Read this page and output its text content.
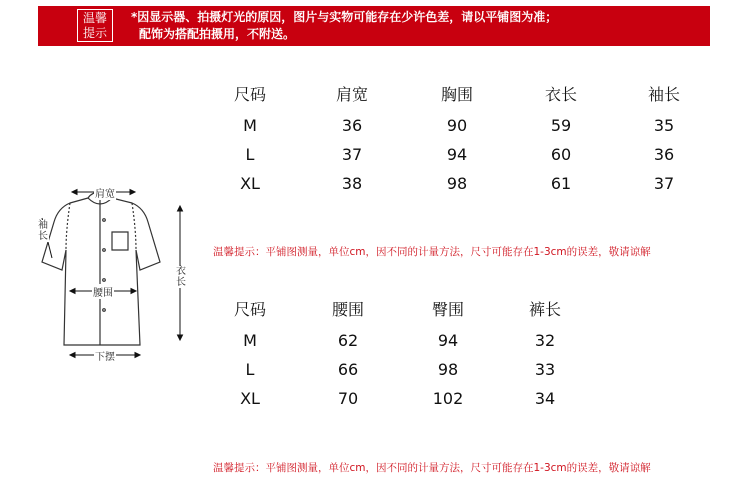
温馨
提示
*因显示器、拍摄灯光的原因，图片与实物可能存在少许色差，请以平铺图为准；
配饰为搭配拍摄用，不附送。
肩宽
袖长
腰围
衣长
下摆
尺码	肩宽	胸围	衣长	袖长
M	36	90	59	35
L	37	94	60	36
XL	38	98	61	37
温馨提示：平铺图测量，单位cm，因不同的计量方法，尺寸可能存在1-3cm的误差，敬请谅解
尺码	腰围	臀围	裤长
M	62	94	32
L	66	98	33
XL	70	102	34
温馨提示：平铺图测量，单位cm，因不同的计量方法，尺寸可能存在1-3cm的误差，敬请谅解
